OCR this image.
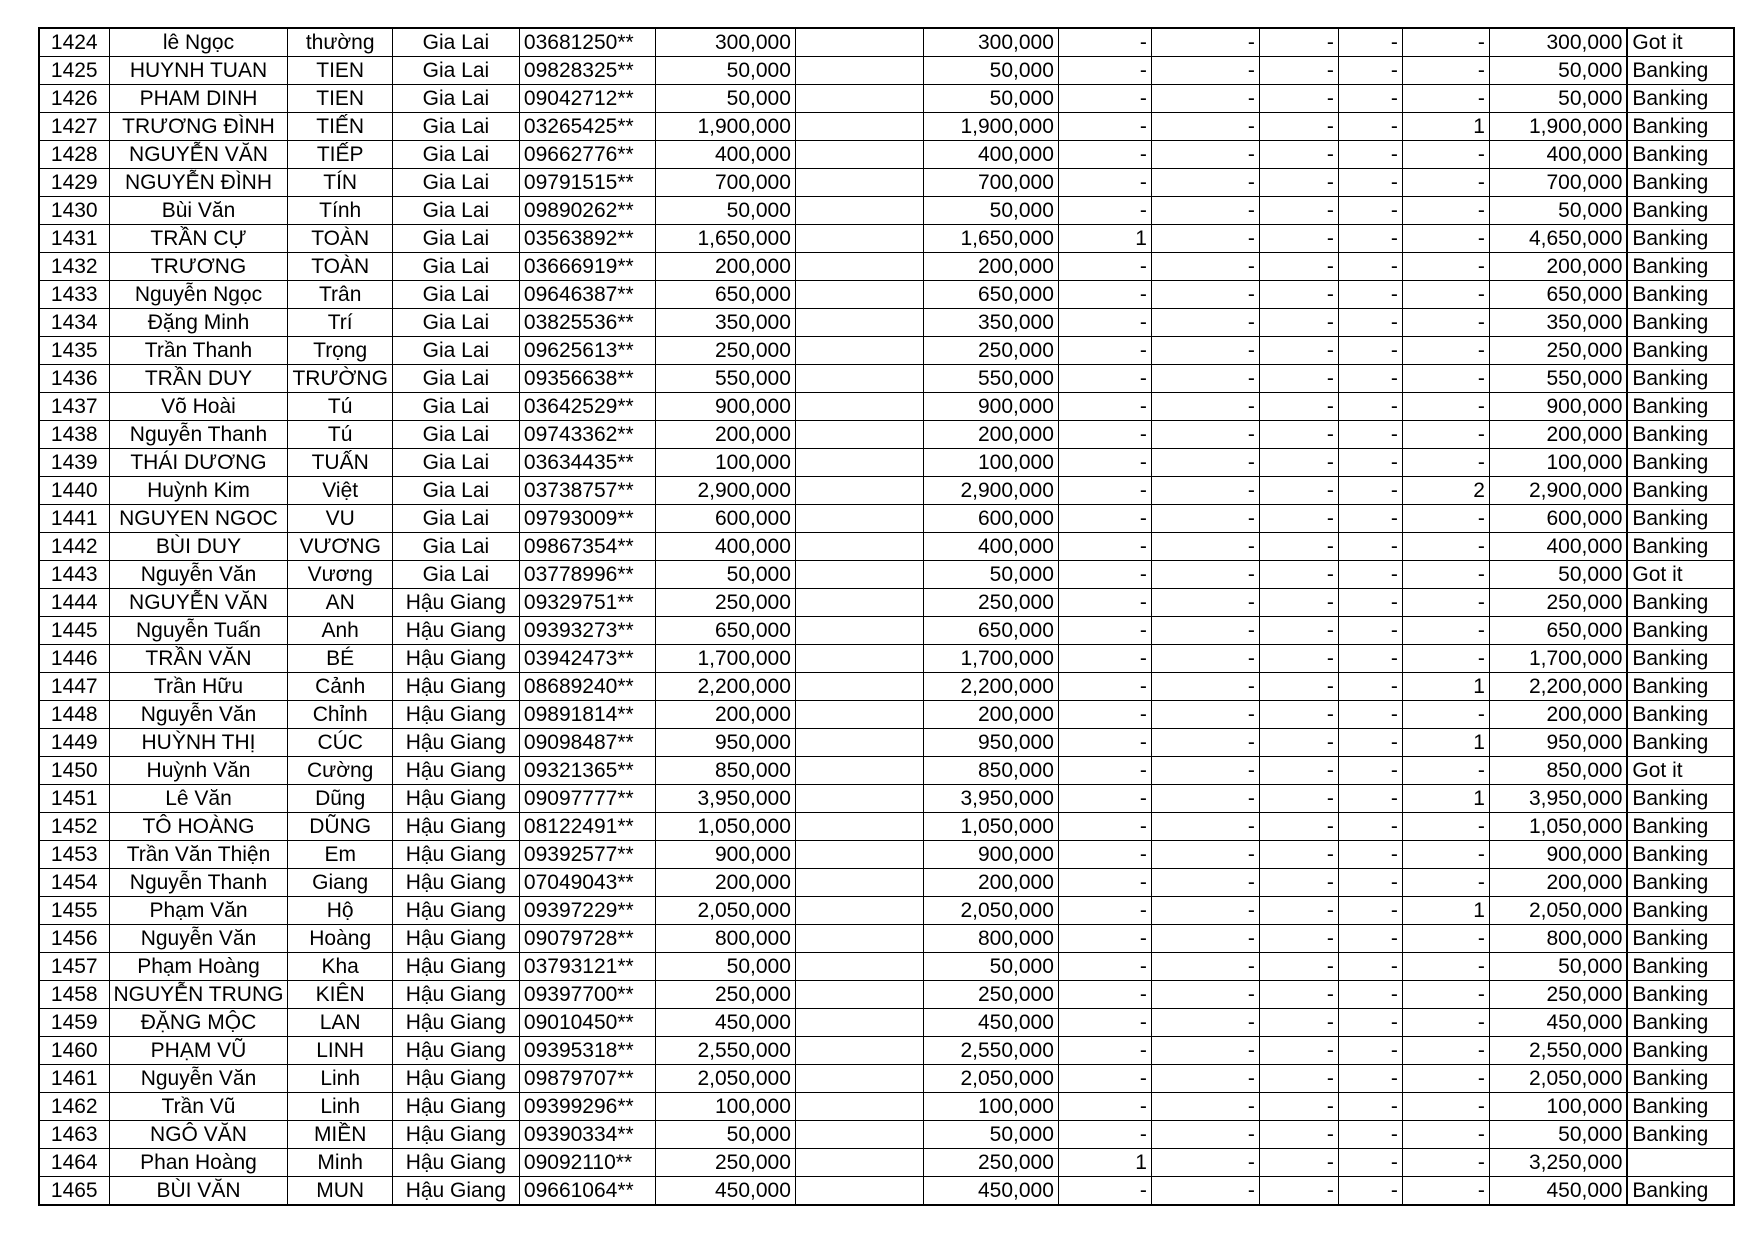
1424	lê Ngọc	thường	Gia Lai	03681250**	300,000		300,000	-	-	-	-	-	300,000	Got it
1425	HUYNH TUAN	TIEN	Gia Lai	09828325**	50,000		50,000	-	-	-	-	-	50,000	Banking
1426	PHAM DINH	TIEN	Gia Lai	09042712**	50,000		50,000	-	-	-	-	-	50,000	Banking
1427	TRƯƠNG ĐÌNH	TIẾN	Gia Lai	03265425**	1,900,000		1,900,000	-	-	-	-	1	1,900,000	Banking
1428	NGUYỄN VĂN	TIẾP	Gia Lai	09662776**	400,000		400,000	-	-	-	-	-	400,000	Banking
1429	NGUYỄN ĐÌNH	TÍN	Gia Lai	09791515**	700,000		700,000	-	-	-	-	-	700,000	Banking
1430	Bùi Văn	Tính	Gia Lai	09890262**	50,000		50,000	-	-	-	-	-	50,000	Banking
1431	TRẦN CỰ	TOÀN	Gia Lai	03563892**	1,650,000		1,650,000	1	-	-	-	-	4,650,000	Banking
1432	TRƯƠNG	TOÀN	Gia Lai	03666919**	200,000		200,000	-	-	-	-	-	200,000	Banking
1433	Nguyễn Ngọc	Trân	Gia Lai	09646387**	650,000		650,000	-	-	-	-	-	650,000	Banking
1434	Đặng Minh	Trí	Gia Lai	03825536**	350,000		350,000	-	-	-	-	-	350,000	Banking
1435	Trần Thanh	Trọng	Gia Lai	09625613**	250,000		250,000	-	-	-	-	-	250,000	Banking
1436	TRẦN DUY	TRƯỜNG	Gia Lai	09356638**	550,000		550,000	-	-	-	-	-	550,000	Banking
1437	Võ Hoài	Tú	Gia Lai	03642529**	900,000		900,000	-	-	-	-	-	900,000	Banking
1438	Nguyễn Thanh	Tú	Gia Lai	09743362**	200,000		200,000	-	-	-	-	-	200,000	Banking
1439	THÁI DƯƠNG	TUẤN	Gia Lai	03634435**	100,000		100,000	-	-	-	-	-	100,000	Banking
1440	Huỳnh Kim	Việt	Gia Lai	03738757**	2,900,000		2,900,000	-	-	-	-	2	2,900,000	Banking
1441	NGUYEN NGOC	VU	Gia Lai	09793009**	600,000		600,000	-	-	-	-	-	600,000	Banking
1442	BÙI DUY	VƯƠNG	Gia Lai	09867354**	400,000		400,000	-	-	-	-	-	400,000	Banking
1443	Nguyễn Văn	Vương	Gia Lai	03778996**	50,000		50,000	-	-	-	-	-	50,000	Got it
1444	NGUYỄN VĂN	AN	Hậu Giang	09329751**	250,000		250,000	-	-	-	-	-	250,000	Banking
1445	Nguyễn Tuấn	Anh	Hậu Giang	09393273**	650,000		650,000	-	-	-	-	-	650,000	Banking
1446	TRẦN VĂN	BÉ	Hậu Giang	03942473**	1,700,000		1,700,000	-	-	-	-	-	1,700,000	Banking
1447	Trần Hữu	Cảnh	Hậu Giang	08689240**	2,200,000		2,200,000	-	-	-	-	1	2,200,000	Banking
1448	Nguyễn Văn	Chỉnh	Hậu Giang	09891814**	200,000		200,000	-	-	-	-	-	200,000	Banking
1449	HUỲNH THỊ	CÚC	Hậu Giang	09098487**	950,000		950,000	-	-	-	-	1	950,000	Banking
1450	Huỳnh Văn	Cường	Hậu Giang	09321365**	850,000		850,000	-	-	-	-	-	850,000	Got it
1451	Lê Văn	Dũng	Hậu Giang	09097777**	3,950,000		3,950,000	-	-	-	-	1	3,950,000	Banking
1452	TÔ HOÀNG	DŨNG	Hậu Giang	08122491**	1,050,000		1,050,000	-	-	-	-	-	1,050,000	Banking
1453	Trần Văn Thiện	Em	Hậu Giang	09392577**	900,000		900,000	-	-	-	-	-	900,000	Banking
1454	Nguyễn Thanh	Giang	Hậu Giang	07049043**	200,000		200,000	-	-	-	-	-	200,000	Banking
1455	Phạm Văn	Hộ	Hậu Giang	09397229**	2,050,000		2,050,000	-	-	-	-	1	2,050,000	Banking
1456	Nguyễn Văn	Hoàng	Hậu Giang	09079728**	800,000		800,000	-	-	-	-	-	800,000	Banking
1457	Phạm Hoàng	Kha	Hậu Giang	03793121**	50,000		50,000	-	-	-	-	-	50,000	Banking
1458	NGUYỄN TRUNG	KIÊN	Hậu Giang	09397700**	250,000		250,000	-	-	-	-	-	250,000	Banking
1459	ĐẶNG MỘC	LAN	Hậu Giang	09010450**	450,000		450,000	-	-	-	-	-	450,000	Banking
1460	PHẠM VŨ	LINH	Hậu Giang	09395318**	2,550,000		2,550,000	-	-	-	-	-	2,550,000	Banking
1461	Nguyễn Văn	Linh	Hậu Giang	09879707**	2,050,000		2,050,000	-	-	-	-	-	2,050,000	Banking
1462	Trần Vũ	Linh	Hậu Giang	09399296**	100,000		100,000	-	-	-	-	-	100,000	Banking
1463	NGÔ VĂN	MIỀN	Hậu Giang	09390334**	50,000		50,000	-	-	-	-	-	50,000	Banking
1464	Phan Hoàng	Minh	Hậu Giang	09092110**	250,000		250,000	1	-	-	-	-	3,250,000	
1465	BÙI VĂN	MUN	Hậu Giang	09661064**	450,000		450,000	-	-	-	-	-	450,000	Banking
